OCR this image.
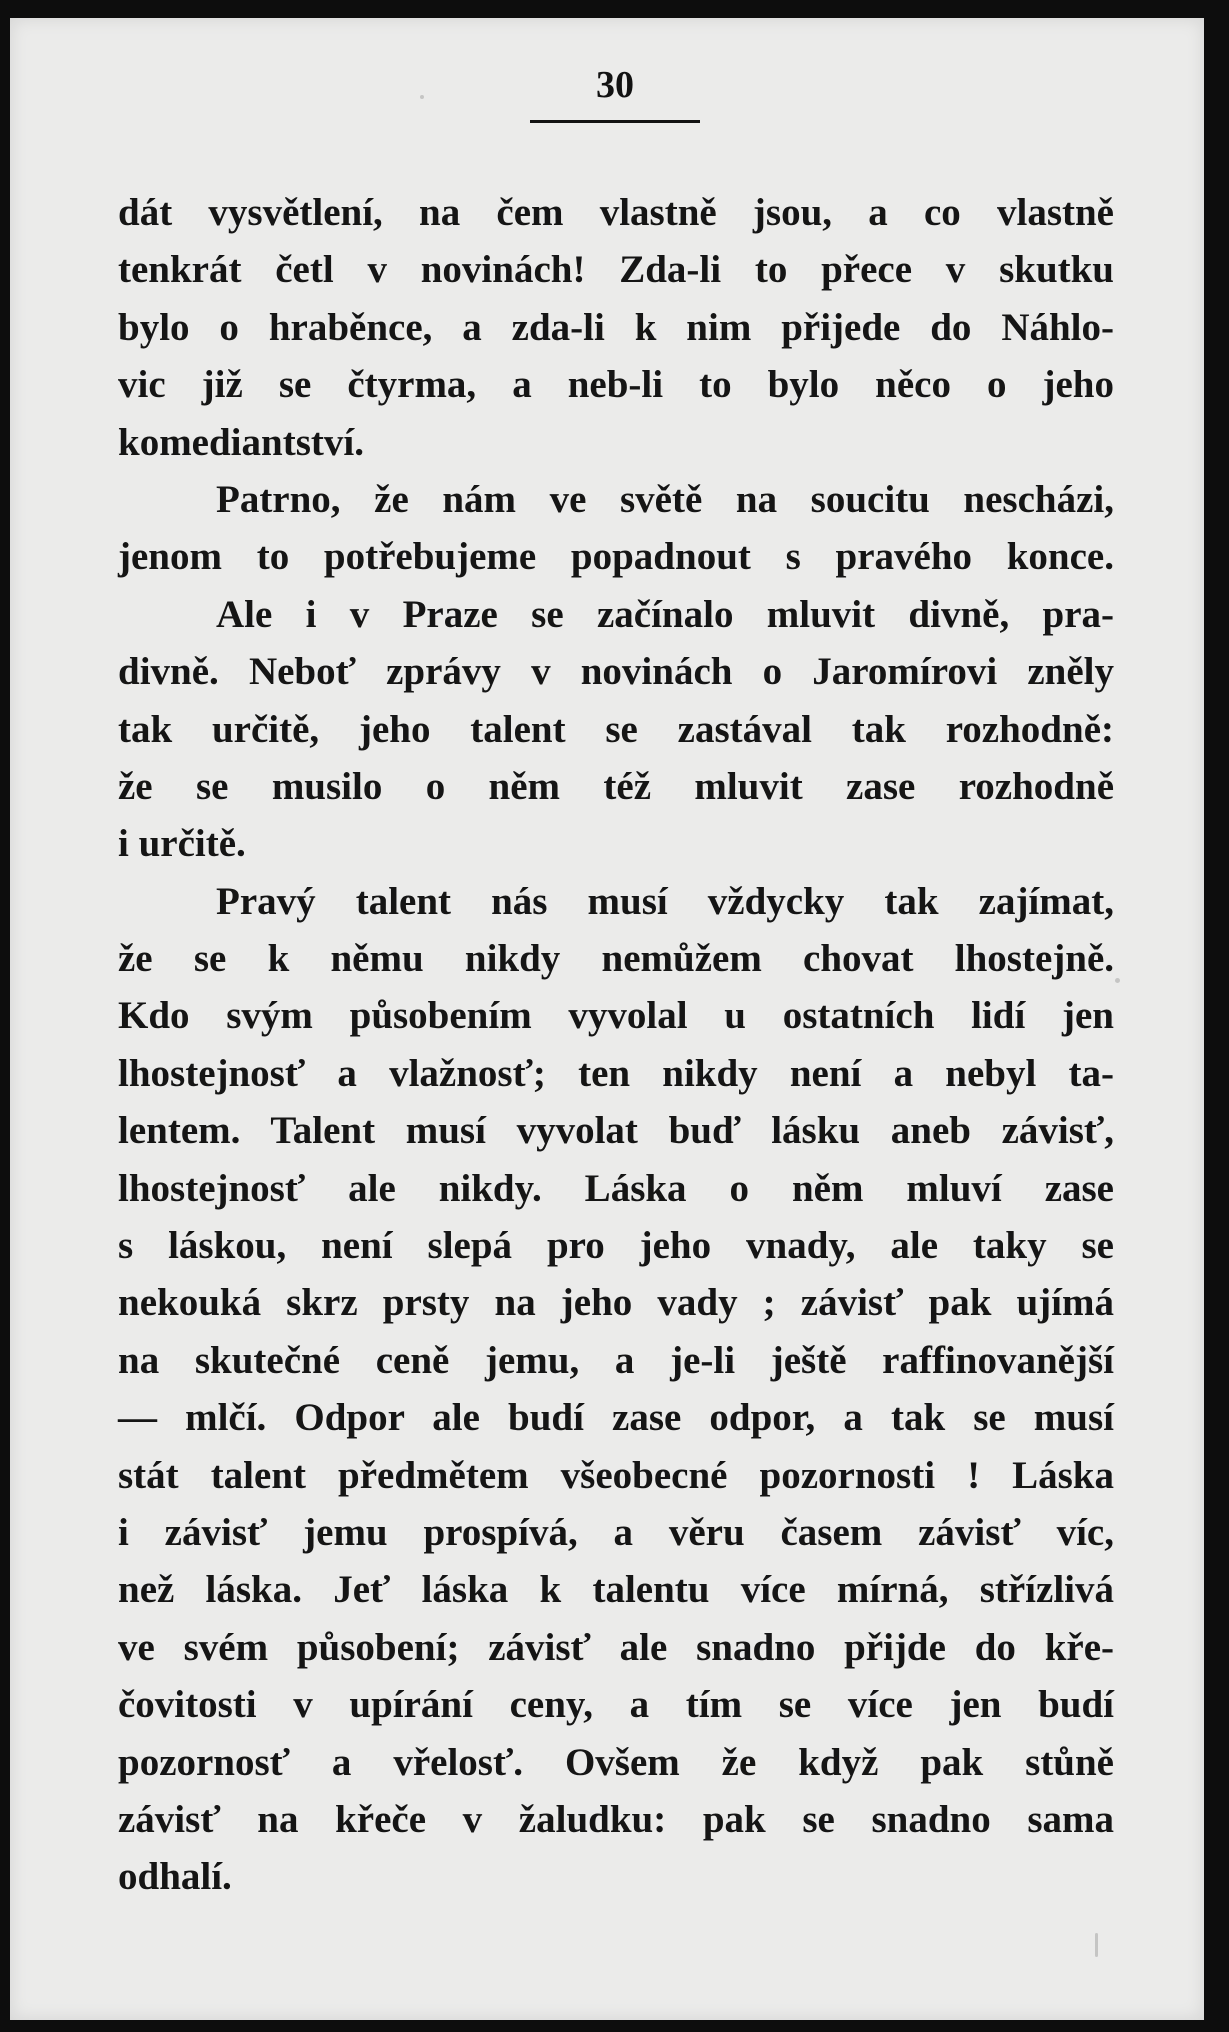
30
dát vysvětlení, na čem vlastně jsou, a co vlastně
tenkrát četl v novinách! Zda-li to přece v skutku
bylo o hraběnce, a zda-li k nim přijede do Náhlo-
vic již se čtyrma, a neb-li to bylo něco o jeho
komediantství.
Patrno, že nám ve světě na soucitu nescházi,
jenom to potřebujeme popadnout s pravého konce.
Ale i v Praze se začínalo mluvit divně, pra-
divně. Neboť zprávy v novinách o Jaromírovi zněly
tak určitě, jeho talent se zastával tak rozhodně:
že se musilo o něm též mluvit zase rozhodně
i určitě.
Pravý talent nás musí vždycky tak zajímat,
že se k němu nikdy nemůžem chovat lhostejně.
Kdo svým působením vyvolal u ostatních lidí jen
lhostejnosť a vlažnosť; ten nikdy není a nebyl ta-
lentem. Talent musí vyvolat buď lásku aneb závisť,
lhostejnosť ale nikdy. Láska o něm mluví zase
s láskou, není slepá pro jeho vnady, ale taky se
nekouká skrz prsty na jeho vady ; závisť pak ujímá
na skutečné ceně jemu, a je-li ještě raffinovanější
— mlčí. Odpor ale budí zase odpor, a tak se musí
stát talent předmětem všeobecné pozornosti ! Láska
i závisť jemu prospívá, a věru časem závisť víc,
než láska. Jeť láska k talentu více mírná, střízlivá
ve svém působení; závisť ale snadno přijde do kře-
čovitosti v upírání ceny, a tím se více jen budí
pozornosť a vřelosť. Ovšem že když pak stůně
závisť na křeče v žaludku: pak se snadno sama
odhalí.
